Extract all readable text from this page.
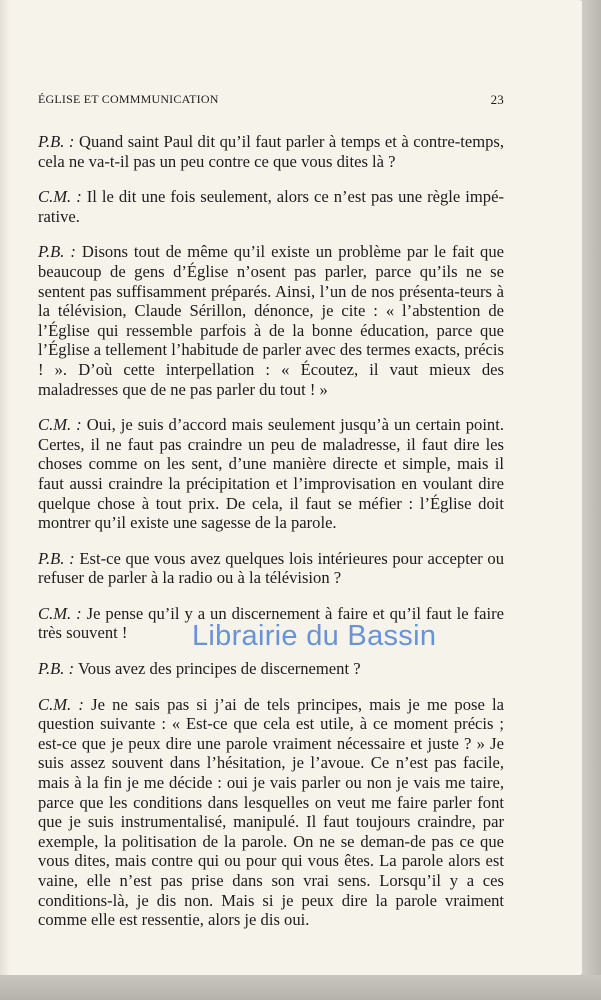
ÉGLISE ET COMMMUNICATION	23

P.B. : Quand saint Paul dit qu’il faut parler à temps et à contre-temps, cela ne va-t-il pas un peu contre ce que vous dites là ?

C.M. : Il le dit une fois seulement, alors ce n’est pas une règle impé-rative.

P.B. : Disons tout de même qu’il existe un problème par le fait que beaucoup de gens d’Église n’osent pas parler, parce qu’ils ne se sentent pas suffisamment préparés. Ainsi, l’un de nos présenta-teurs à la télévision, Claude Sérillon, dénonce, je cite : « l’abstention de l’Église qui ressemble parfois à de la bonne éducation, parce que l’Église a tellement l’habitude de parler avec des termes exacts, précis ! ». D’où cette interpellation : « Écoutez, il vaut mieux des maladresses que de ne pas parler du tout ! »

C.M. : Oui, je suis d’accord mais seulement jusqu’à un certain point. Certes, il ne faut pas craindre un peu de maladresse, il faut dire les choses comme on les sent, d’une manière directe et simple, mais il faut aussi craindre la précipitation et l’improvisation en voulant dire quelque chose à tout prix. De cela, il faut se méfier : l’Église doit montrer qu’il existe une sagesse de la parole.

P.B. : Est-ce que vous avez quelques lois intérieures pour accepter ou refuser de parler à la radio ou à la télévision ?

C.M. : Je pense qu’il y a un discernement à faire et qu’il faut le faire très souvent !

P.B. : Vous avez des principes de discernement ?

C.M. : Je ne sais pas si j’ai de tels principes, mais je me pose la question suivante : « Est-ce que cela est utile, à ce moment précis ; est-ce que je peux dire une parole vraiment nécessaire et juste ? » Je suis assez souvent dans l’hésitation, je l’avoue. Ce n’est pas facile, mais à la fin je me décide : oui je vais parler ou non je vais me taire, parce que les conditions dans lesquelles on veut me faire parler font que je suis instrumentalisé, manipulé. Il faut toujours craindre, par exemple, la politisation de la parole. On ne se deman-de pas ce que vous dites, mais contre qui ou pour qui vous êtes. La parole alors est vaine, elle n’est pas prise dans son vrai sens. Lorsqu’il y a ces conditions-là, je dis non. Mais si je peux dire la parole vraiment comme elle est ressentie, alors je dis oui.

Librairie du Bassin
